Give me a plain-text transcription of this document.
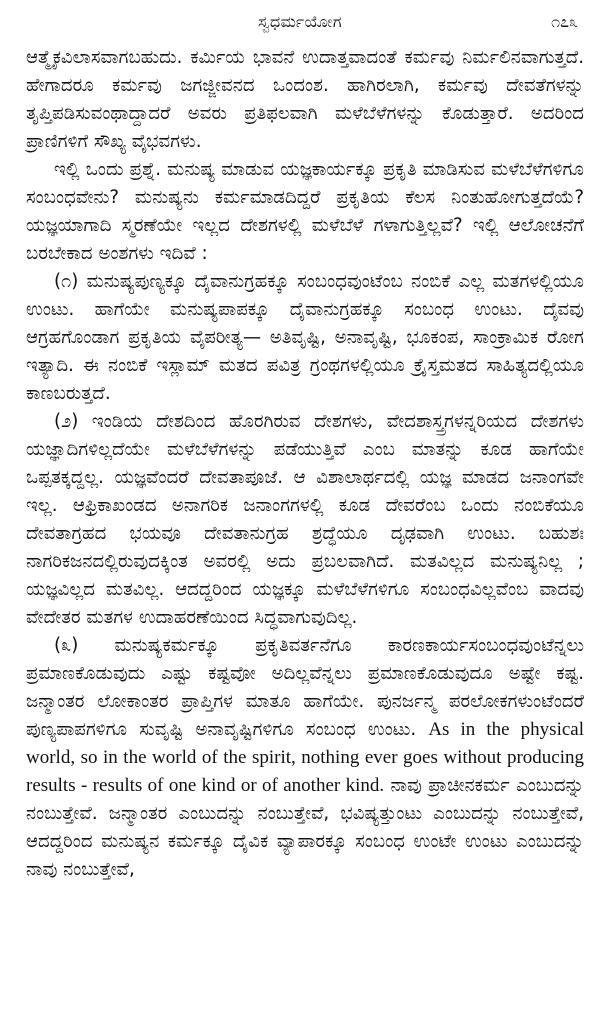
ಸ್ವಧರ್ಮಯೋಗ	೧೭೩

ಆತ್ಮೈಕವಿಲಾಸವಾಗಬಹುದು. ಕರ್ಮಿಯ ಭಾವನೆ ಉದಾತ್ತವಾದಂತೆ ಕರ್ಮವು ನಿರ್ಮಲಿನವಾಗುತ್ತದೆ. ಹೇಗಾದರೂ ಕರ್ಮವು ಜಗಜ್ಜೀವನದ ಒಂದಂಶ. ಹಾಗಿರಲಾಗಿ, ಕರ್ಮವು ದೇವತೆಗಳನ್ನು ತೃಪ್ತಿಪಡಿಸುವಂಥಾದ್ದಾದರೆ ಅವರು ಪ್ರತಿಫಲವಾಗಿ ಮಳೆಬೆಳೆಗಳನ್ನು ಕೊಡುತ್ತಾರೆ. ಅದರಿಂದ ಪ್ರಾಣಿಗಳಿಗೆ ಸೌಖ್ಯ ವೈಭವಗಳು.

ಇಲ್ಲಿ ಒಂದು ಪ್ರಶ್ನೆ. ಮನುಷ್ಯ ಮಾಡುವ ಯಜ್ಞಕಾರ್ಯಕ್ಕೂ ಪ್ರಕೃತಿ ಮಾಡಿಸುವ ಮಳೆಬೆಳೆಗಳಿಗೂ ಸಂಬಂಧವೇನು? ಮನುಷ್ಯನು ಕರ್ಮಮಾಡದಿದ್ದರೆ ಪ್ರಕೃತಿಯ ಕೆಲಸ ನಿಂತುಹೋಗುತ್ತದೆಯೆ? ಯಜ್ಞಯಾಗಾದಿ ಸ್ಮರಣೆಯೇ ಇಲ್ಲದ ದೇಶಗಳಲ್ಲಿ ಮಳೆಬೆಳೆ ಗಳಾಗುತ್ತಿಲ್ಲವೆ? ಇಲ್ಲಿ ಆಲೋಚನೆಗೆ ಬರಬೇಕಾದ ಅಂಶಗಳು ಇದಿವೆ :

(೧) ಮನುಷ್ಯಪುಣ್ಯಕ್ಕೂ ದೈವಾನುಗ್ರಹಕ್ಕೂ ಸಂಬಂಧವುಂಟೆಂಬ ನಂಬಿಕೆ ಎಲ್ಲ ಮತಗಳಲ್ಲಿಯೂ ಉಂಟು. ಹಾಗೆಯೇ ಮನುಷ್ಯಪಾಪಕ್ಕೂ ದೈವಾನುಗ್ರಹಕ್ಕೂ ಸಂಬಂಧ ಉಂಟು. ದೈವವು ಆಗ್ರಹಗೊಂಡಾಗ ಪ್ರಕೃತಿಯ ವೈಪರೀತ್ಯ— ಅತಿವೃಷ್ಟಿ, ಅನಾವೃಷ್ಟಿ, ಭೂಕಂಪ, ಸಾಂಕ್ರಾಮಿಕ ರೋಗ ಇತ್ಯಾದಿ. ಈ ನಂಬಿಕೆ ಇಸ್ಲಾಮ್ ಮತದ ಪವಿತ್ರ ಗ್ರಂಥಗಳಲ್ಲಿಯೂ ಕ್ರೈಸ್ತಮತದ ಸಾಹಿತ್ಯದಲ್ಲಿಯೂ ಕಾಣಬರುತ್ತದೆ.

(೨) ಇಂಡಿಯ ದೇಶದಿಂದ ಹೊರಗಿರುವ ದೇಶಗಳು, ವೇದಶಾಸ್ತ್ರಗಳನ್ನರಿಯದ ದೇಶಗಳು ಯಜ್ಞಾದಿಗಳಿಲ್ಲದೆಯೇ ಮಳೆಬೆಳೆಗಳನ್ನು ಪಡೆಯುತ್ತಿವೆ ಎಂಬ ಮಾತನ್ನು ಕೂಡ ಹಾಗೆಯೇ ಒಪ್ಪತಕ್ಕದ್ದಲ್ಲ. ಯಜ್ಞವೆಂದರೆ ದೇವತಾಪೂಜೆ. ಆ ವಿಶಾಲಾರ್ಥದಲ್ಲಿ ಯಜ್ಞ ಮಾಡದ ಜನಾಂಗವೇ ಇಲ್ಲ. ಆಫ್ರಿಕಾಖಂಡದ ಅನಾಗರಿಕ ಜನಾಂಗಗಳಲ್ಲಿ ಕೂಡ ದೇವರೆಂಬ ಒಂದು ನಂಬಿಕೆಯೂ ದೇವತಾಗ್ರಹದ ಭಯವೂ ದೇವತಾನುಗ್ರಹ ಶ್ರದ್ಧೆಯೂ ದೃಢವಾಗಿ ಉಂಟು. ಬಹುಶಃ ನಾಗರಿಕಜನದಲ್ಲಿರುವುದಕ್ಕಿಂತ ಅವರಲ್ಲಿ ಅದು ಪ್ರಬಲವಾಗಿದೆ. ಮತವಿಲ್ಲದ ಮನುಷ್ಯನಿಲ್ಲ ; ಯಜ್ಞವಿಲ್ಲದ ಮತವಿಲ್ಲ. ಆದದ್ದರಿಂದ ಯಜ್ಞಕ್ಕೂ ಮಳೆಬೆಳೆಗಳಿಗೂ ಸಂಬಂಧವಿಲ್ಲವೆಂಬ ವಾದವು ವೇದೇತರ ಮತಗಳ ಉದಾಹರಣೆಯಿಂದ ಸಿದ್ಧವಾಗುವುದಿಲ್ಲ.

(೩) ಮನುಷ್ಯಕರ್ಮಕ್ಕೂ ಪ್ರಕೃತಿವರ್ತನೆಗೂ ಕಾರಣಕಾರ್ಯಸಂಬಂಧವುಂಟೆನ್ನಲು ಪ್ರಮಾಣಕೊಡುವುದು ಎಷ್ಟು ಕಷ್ಟವೋ ಅದಿಲ್ಲವೆನ್ನಲು ಪ್ರಮಾಣಕೊಡುವುದೂ ಅಷ್ಟೇ ಕಷ್ಟ. ಜನ್ಮಾಂತರ ಲೋಕಾಂತರ ಪ್ರಾಪ್ತಿಗಳ ಮಾತೂ ಹಾಗೆಯೇ. ಪುನರ್ಜನ್ಮ ಪರಲೋಕಗಳುಂಟೆಂದರೆ ಪುಣ್ಯಪಾಪಗಳಿಗೂ ಸುವೃಷ್ಟಿ ಅನಾವೃಷ್ಟಿಗಳಿಗೂ ಸಂಬಂಧ ಉಂಟು. As in the physical world, so in the world of the spirit, nothing ever goes without producing results - results of one kind or of another kind. ನಾವು ಪ್ರಾಚೀನಕರ್ಮ ಎಂಬುದನ್ನು ನಂಬುತ್ತೇವೆ. ಜನ್ಮಾಂತರ ಎಂಬುದನ್ನು ನಂಬುತ್ತೇವೆ, ಭವಿಷ್ಯತ್ತುಂಟು ಎಂಬುದನ್ನು ನಂಬುತ್ತೇವೆ, ಆದದ್ದರಿಂದ ಮನುಷ್ಯನ ಕರ್ಮಕ್ಕೂ ದೈವಿಕ ವ್ಯಾಪಾರಕ್ಕೂ ಸಂಬಂಧ ಉಂಟೇ ಉಂಟು ಎಂಬುದನ್ನು ನಾವು ನಂಬುತ್ತೇವೆ,
